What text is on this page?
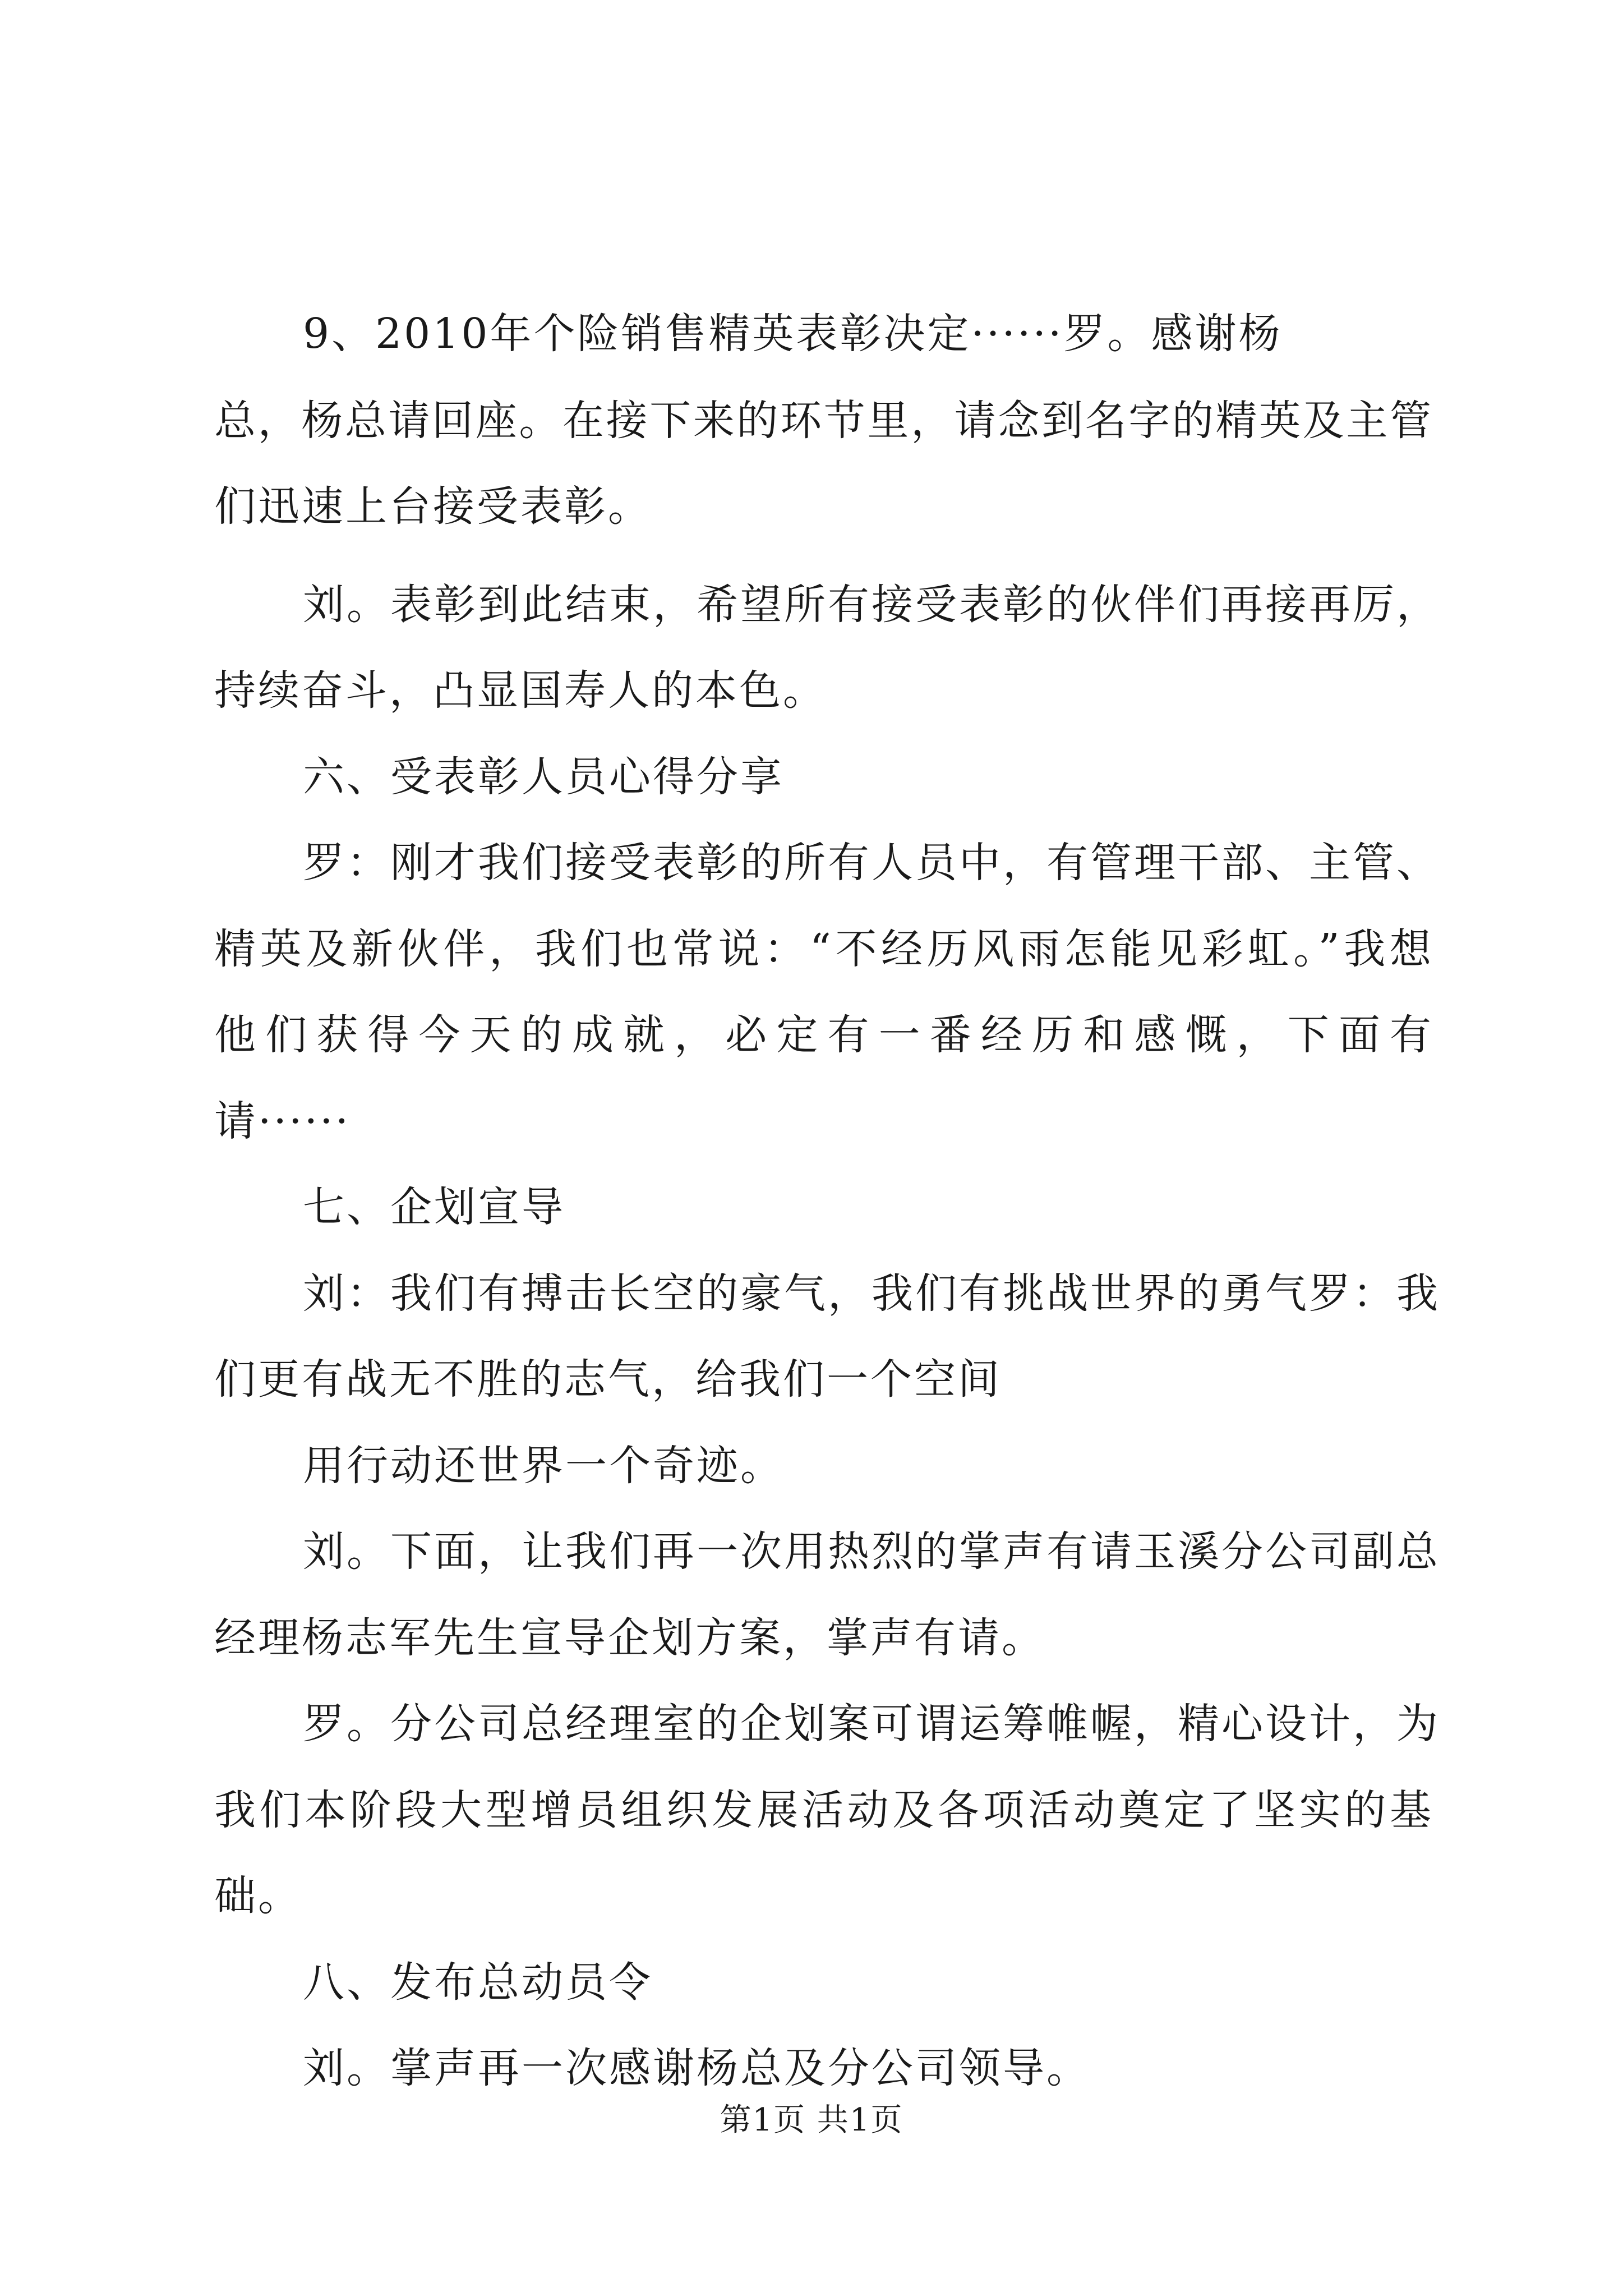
9、2010年个险销售精英表彰决定······罗。感谢杨
总，杨总请回座。在接下来的环节里，请念到名字的精英及主管
们迅速上台接受表彰。
刘。表彰到此结束，希望所有接受表彰的伙伴们再接再厉，
持续奋斗，凸显国寿人的本色。
六、受表彰人员心得分享
罗：刚才我们接受表彰的所有人员中，有管理干部、主管、
精英及新伙伴，我们也常说：“不经历风雨怎能见彩虹。”我想
他们获得今天的成就，必定有一番经历和感慨，下面有
请······
七、企划宣导
刘：我们有搏击长空的豪气，我们有挑战世界的勇气罗：我
们更有战无不胜的志气，给我们一个空间
用行动还世界一个奇迹。
刘。下面，让我们再一次用热烈的掌声有请玉溪分公司副总
经理杨志军先生宣导企划方案，掌声有请。
罗。分公司总经理室的企划案可谓运筹帷幄，精心设计，为
我们本阶段大型增员组织发展活动及各项活动奠定了坚实的基
础。
八、发布总动员令
刘。掌声再一次感谢杨总及分公司领导。
第1页 共1页
